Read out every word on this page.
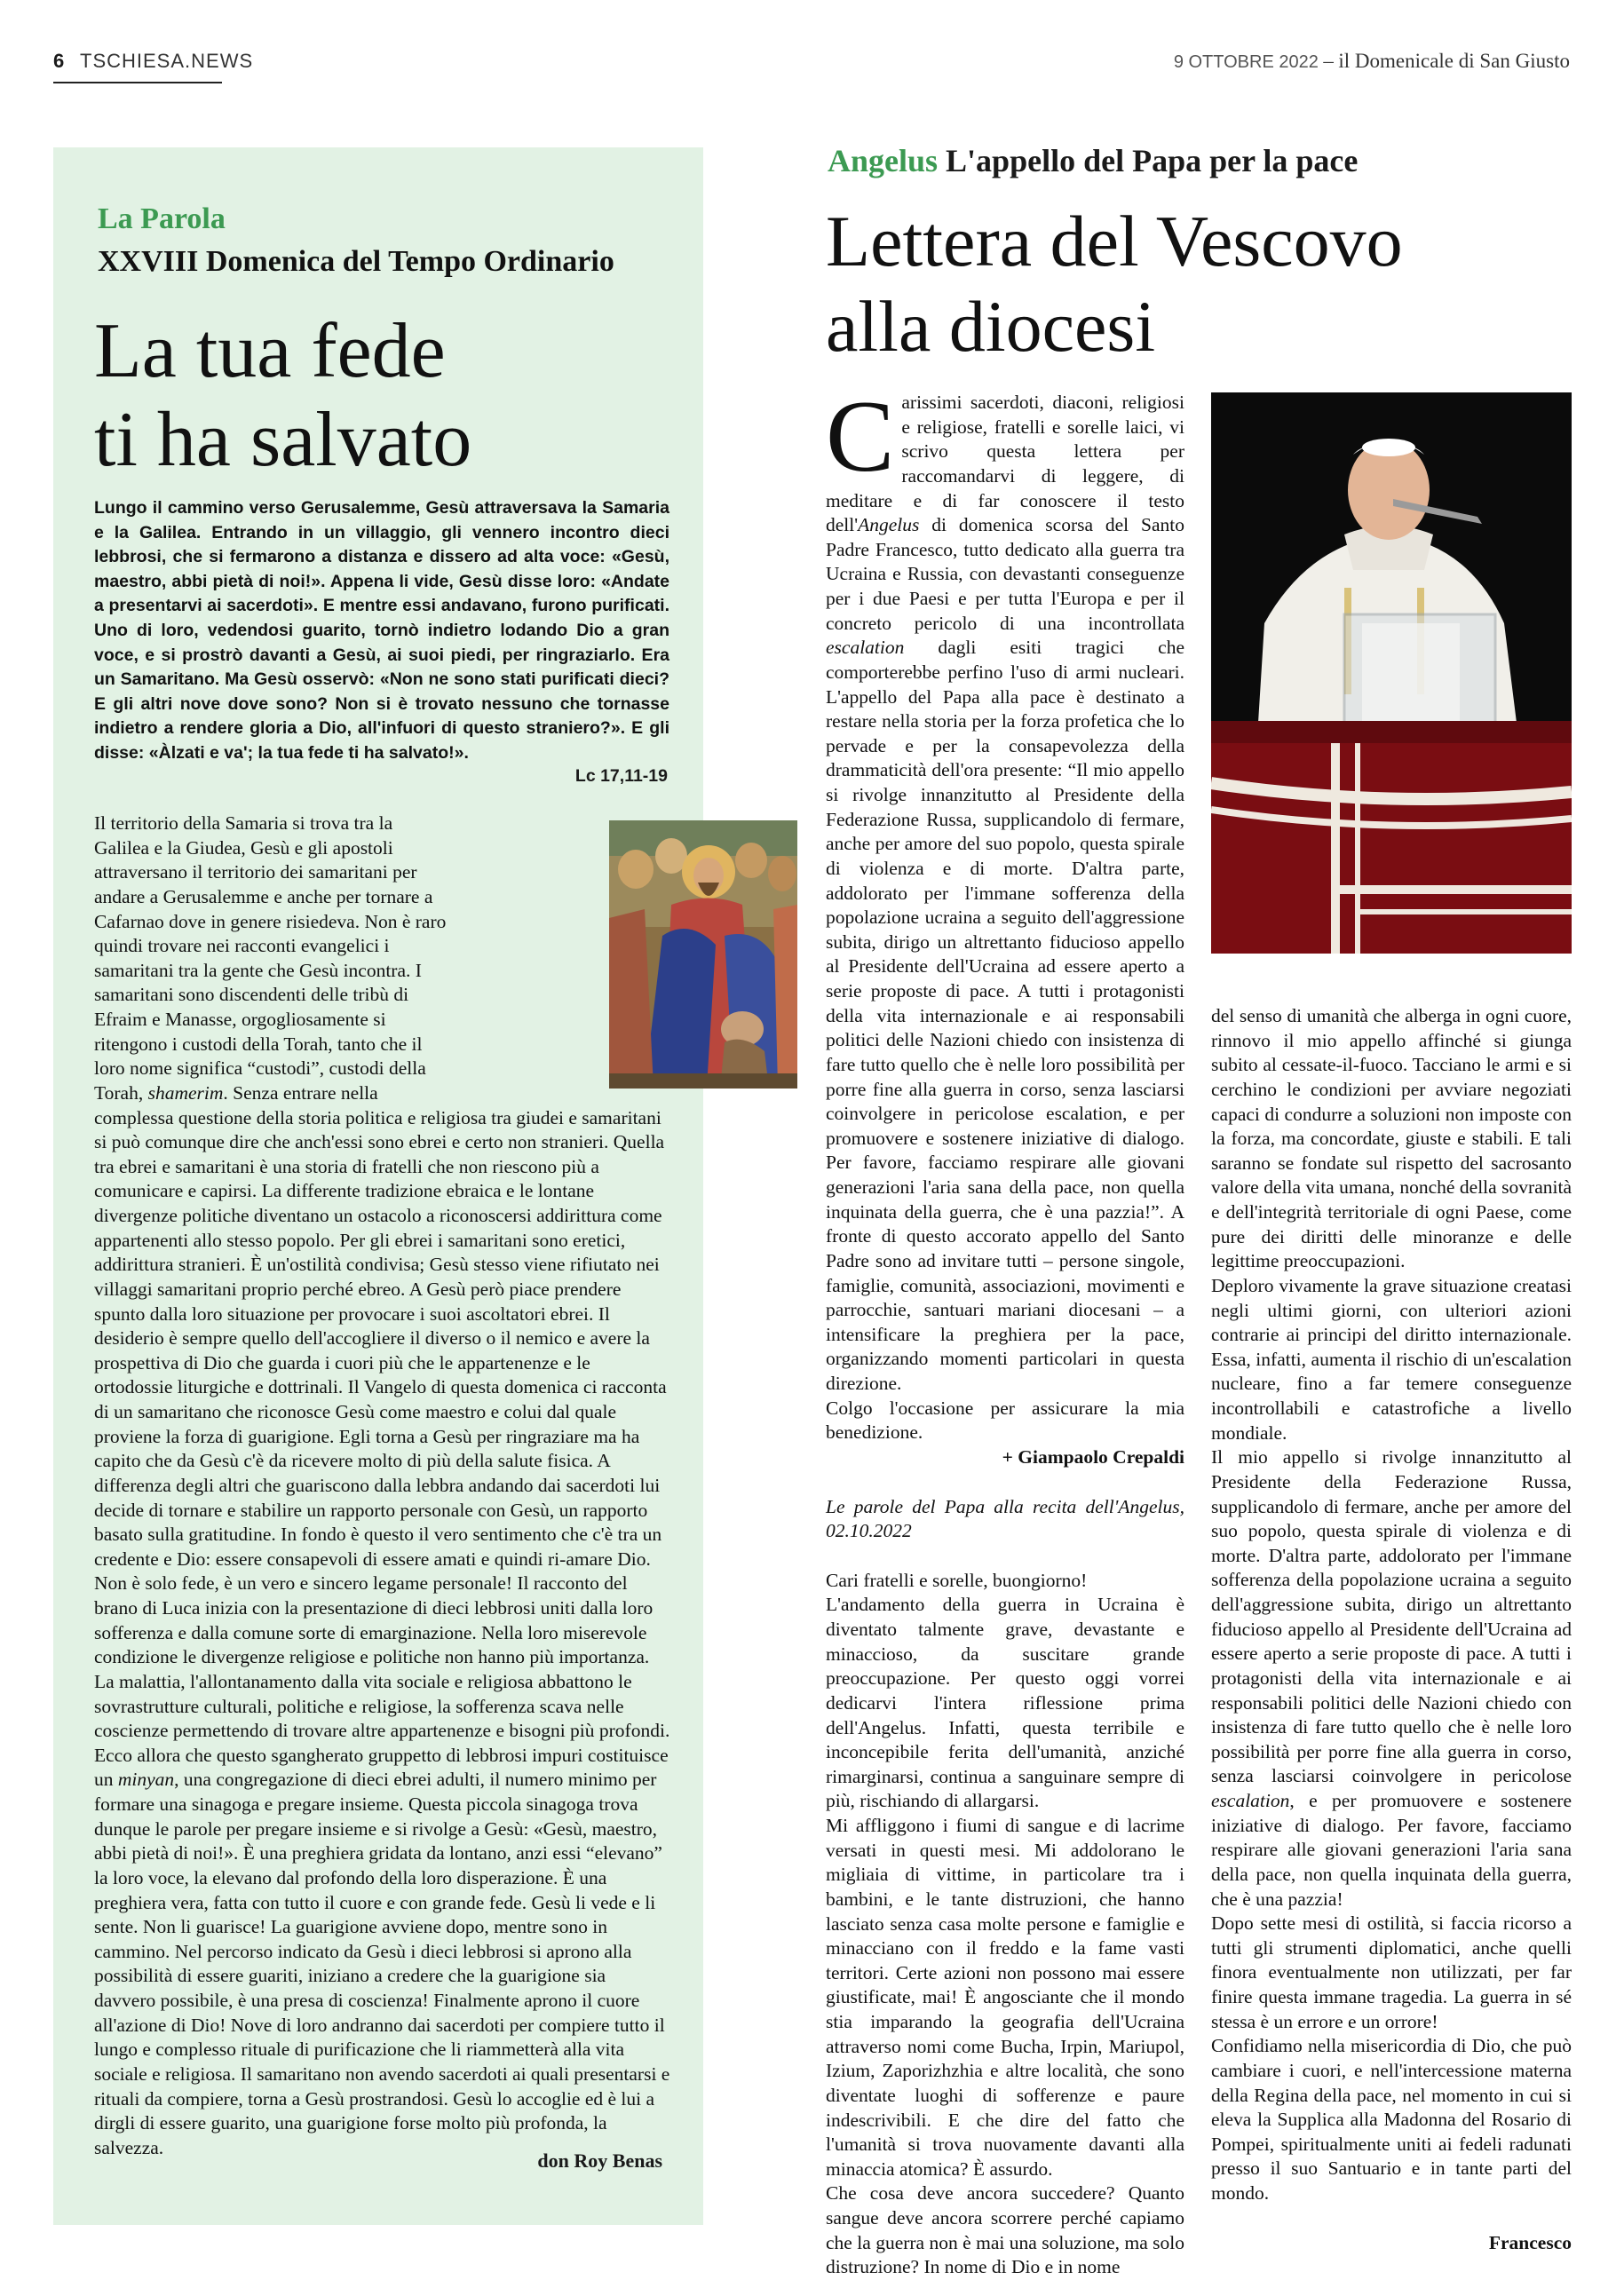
6 TSCHIESA.NEWS	9 OTTOBRE 2022 – il Domenicale di San Giusto
La Parola
XXVIII Domenica del Tempo Ordinario
La tua fede
ti ha salvato
Lungo il cammino verso Gerusalemme, Gesù attraversava la Samaria e la Galilea. Entrando in un villaggio, gli vennero incontro dieci lebbrosi, che si fermarono a distanza e dissero ad alta voce: «Gesù, maestro, abbi pietà di noi!». Appena li vide, Gesù disse loro: «Andate a presentarvi ai sacerdoti». E mentre essi andavano, furono purificati. Uno di loro, vedendosi guarito, tornò indietro lodando Dio a gran voce, e si prostrò davanti a Gesù, ai suoi piedi, per ringraziarlo. Era un Samaritano. Ma Gesù osservò: «Non ne sono stati purificati dieci? E gli altri nove dove sono? Non si è trovato nessuno che tornasse indietro a rendere gloria a Dio, all'infuori di questo straniero?». E gli disse: «Àlzati e va'; la tua fede ti ha salvato!».
Lc 17,11-19

Il territorio della Samaria si trova tra la Galilea e la Giudea, Gesù e gli apostoli attraversano il territorio dei samaritani per andare a Gerusalemme e anche per tornare a Cafarnao dove in genere risiedeva. Non è raro quindi trovare nei racconti evangelici i samaritani tra la gente che Gesù incontra. I samaritani sono discendenti delle tribù di Efraim e Manasse, orgogliosamente si ritengono i custodi della Torah, tanto che il loro nome significa “custodi”, custodi della Torah, shamerim. Senza entrare nella complessa questione della storia politica e religiosa tra giudei e samaritani si può comunque dire che anch'essi sono ebrei e certo non stranieri. Quella tra ebrei e samaritani è una storia di fratelli che non riescono più a comunicare e capirsi. La differente tradizione ebraica e le lontane divergenze politiche diventano un ostacolo a riconoscersi addirittura come appartenenti allo stesso popolo. Per gli ebrei i samaritani sono eretici, addirittura stranieri. È un'ostilità condivisa; Gesù stesso viene rifiutato nei villaggi samaritani proprio perché ebreo. A Gesù però piace prendere spunto dalla loro situazione per provocare i suoi ascoltatori ebrei. Il desiderio è sempre quello dell'accogliere il diverso o il nemico e avere la prospettiva di Dio che guarda i cuori più che le appartenenze e le ortodossie liturgiche e dottrinali. Il Vangelo di questa domenica ci racconta di un samaritano che riconosce Gesù come maestro e colui dal quale proviene la forza di guarigione. Egli torna a Gesù per ringraziare ma ha capito che da Gesù c'è da ricevere molto di più della salute fisica. A differenza degli altri che guariscono dalla lebbra andando dai sacerdoti lui decide di tornare e stabilire un rapporto personale con Gesù, un rapporto basato sulla gratitudine. In fondo è questo il vero sentimento che c'è tra un credente e Dio: essere consapevoli di essere amati e quindi ri-amare Dio. Non è solo fede, è un vero e sincero legame personale! Il racconto del brano di Luca inizia con la presentazione di dieci lebbrosi uniti dalla loro sofferenza e dalla comune sorte di emarginazione. Nella loro miserevole condizione le divergenze religiose e politiche non hanno più importanza. La malattia, l'allontanamento dalla vita sociale e religiosa abbattono le sovrastrutture culturali, politiche e religiose, la sofferenza scava nelle coscienze permettendo di trovare altre appartenenze e bisogni più profondi. Ecco allora che questo sgangherato gruppetto di lebbrosi impuri costituisce un minyan, una congregazione di dieci ebrei adulti, il numero minimo per formare una sinagoga e pregare insieme. Questa piccola sinagoga trova dunque le parole per pregare insieme e si rivolge a Gesù: «Gesù, maestro, abbi pietà di noi!». È una preghiera gridata da lontano, anzi essi “elevano” la loro voce, la elevano dal profondo della loro disperazione. È una preghiera vera, fatta con tutto il cuore e con grande fede. Gesù li vede e li sente. Non li guarisce! La guarigione avviene dopo, mentre sono in cammino. Nel percorso indicato da Gesù i dieci lebbrosi si aprono alla possibilità di essere guariti, iniziano a credere che la guarigione sia davvero possibile, è una presa di coscienza! Finalmente aprono il cuore all'azione di Dio! Nove di loro andranno dai sacerdoti per compiere tutto il lungo e complesso rituale di purificazione che li riammetterà alla vita sociale e religiosa. Il samaritano non avendo sacerdoti ai quali presentarsi e rituali da compiere, torna a Gesù prostrandosi. Gesù lo accoglie ed è lui a dirgli di essere guarito, una guarigione forse molto più profonda, la salvezza.

don Roy Benas
Angelus L'appello del Papa per la pace
Lettera del Vescovo
alla diocesi
C arissimi sacerdoti, diaconi, religiosi e religiose, fratelli e sorelle laici, vi scrivo questa lettera per raccomandarvi di leggere, di meditare e di far conoscere il testo dell'Angelus di domenica scorsa del Santo Padre Francesco, tutto dedicato alla guerra tra Ucraina e Russia, con devastanti conseguenze per i due Paesi e per tutta l'Europa e per il concreto pericolo di una incontrollata escalation dagli esiti tragici che comporterebbe perfino l'uso di armi nucleari. L'appello del Papa alla pace è destinato a restare nella storia per la forza profetica che lo pervade e per la consapevolezza della drammaticità dell'ora presente: “Il mio appello si rivolge innanzitutto al Presidente della Federazione Russa, supplicandolo di fermare, anche per amore del suo popolo, questa spirale di violenza e di morte. D'altra parte, addolorato per l'immane sofferenza della popolazione ucraina a seguito dell'aggressione subita, dirigo un altrettanto fiducioso appello al Presidente dell'Ucraina ad essere aperto a serie proposte di pace. A tutti i protagonisti della vita internazionale e ai responsabili politici delle Nazioni chiedo con insistenza di fare tutto quello che è nelle loro possibilità per porre fine alla guerra in corso, senza lasciarsi coinvolgere in pericolose escalation, e per promuovere e sostenere iniziative di dialogo. Per favore, facciamo respirare alle giovani generazioni l'aria sana della pace, non quella inquinata della guerra, che è una pazzia!”. A fronte di questo accorato appello del Santo Padre sono ad invitare tutti – persone singole, famiglie, comunità, associazioni, movimenti e parrocchie, santuari mariani diocesani – a intensificare la preghiera per la pace, organizzando momenti particolari in questa direzione.

Colgo l'occasione per assicurare la mia benedizione.

+ Giampaolo Crepaldi

Le parole del Papa alla recita dell'Angelus, 02.10.2022

Cari fratelli e sorelle, buongiorno!

L'andamento della guerra in Ucraina è diventato talmente grave, devastante e minaccioso, da suscitare grande preoccupazione. Per questo oggi vorrei dedicarvi l'intera riflessione prima dell'Angelus. Infatti, questa terribile e inconcepibile ferita dell'umanità, anziché rimarginarsi, continua a sanguinare sempre di più, rischiando di allargarsi.

Mi affliggono i fiumi di sangue e di lacrime versati in questi mesi. Mi addolorano le migliaia di vittime, in particolare tra i bambini, e le tante distruzioni, che hanno lasciato senza casa molte persone e famiglie e minacciano con il freddo e la fame vasti territori. Certe azioni non possono mai essere giustificate, mai! È angosciante che il mondo stia imparando la geografia dell'Ucraina attraverso nomi come Bucha, Irpin, Mariupol, Izium, Zaporizhzhia e altre località, che sono diventate luoghi di sofferenze e paure indescrivibili. E che dire del fatto che l'umanità si trova nuovamente davanti alla minaccia atomica? È assurdo.

Che cosa deve ancora succedere? Quanto sangue deve ancora scorrere perché capiamo che la guerra non è mai una soluzione, ma solo distruzione? In nome di Dio e in nome

del senso di umanità che alberga in ogni cuore, rinnovo il mio appello affinché si giunga subito al cessate-il-fuoco. Tacciano le armi e si cerchino le condizioni per avviare negoziati capaci di condurre a soluzioni non imposte con la forza, ma concordate, giuste e stabili. E tali saranno se fondate sul rispetto del sacrosanto valore della vita umana, nonché della sovranità e dell'integrità territoriale di ogni Paese, come pure dei diritti delle minoranze e delle legittime preoccupazioni.

Deploro vivamente la grave situazione creatasi negli ultimi giorni, con ulteriori azioni contrarie ai principi del diritto internazionale. Essa, infatti, aumenta il rischio di un'escalation nucleare, fino a far temere conseguenze incontrollabili e catastrofiche a livello mondiale.

Il mio appello si rivolge innanzitutto al Presidente della Federazione Russa, supplicandolo di fermare, anche per amore del suo popolo, questa spirale di violenza e di morte. D'altra parte, addolorato per l'immane sofferenza della popolazione ucraina a seguito dell'aggressione subita, dirigo un altrettanto fiducioso appello al Presidente dell'Ucraina ad essere aperto a serie proposte di pace. A tutti i protagonisti della vita internazionale e ai responsabili politici delle Nazioni chiedo con insistenza di fare tutto quello che è nelle loro possibilità per porre fine alla guerra in corso, senza lasciarsi coinvolgere in pericolose escalation, e per promuovere e sostenere iniziative di dialogo. Per favore, facciamo respirare alle giovani generazioni l'aria sana della pace, non quella inquinata della guerra, che è una pazzia!

Dopo sette mesi di ostilità, si faccia ricorso a tutti gli strumenti diplomatici, anche quelli finora eventualmente non utilizzati, per far finire questa immane tragedia. La guerra in sé stessa è un errore e un orrore!

Confidiamo nella misericordia di Dio, che può cambiare i cuori, e nell'intercessione materna della Regina della pace, nel momento in cui si eleva la Supplica alla Madonna del Rosario di Pompei, spiritualmente uniti ai fedeli radunati presso il suo Santuario e in tante parti del mondo.

Francesco
